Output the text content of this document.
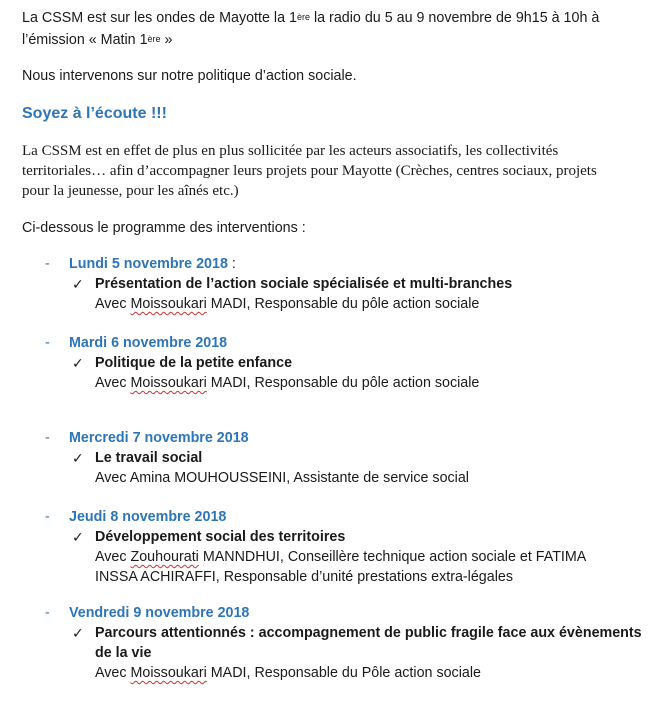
La CSSM est sur les ondes de Mayotte la 1ère la radio du 5 au 9 novembre de 9h15 à 10h à
l’émission « Matin 1ère »
Nous intervenons sur notre politique d’action sociale.
Soyez à l’écoute !!!
La CSSM est en effet de plus en plus sollicitée par les acteurs associatifs, les collectivités
territoriales… afin d’accompagner leurs projets pour Mayotte (Crèches, centres sociaux, projets
pour la jeunesse, pour les aînés etc.)
Ci-dessous le programme des interventions :
- Lundi 5 novembre 2018 :
✓ Présentation de l’action sociale spécialisée et multi-branches
Avec Moissoukari MADI, Responsable du pôle action sociale
- Mardi 6 novembre 2018
✓ Politique de la petite enfance
Avec Moissoukari MADI, Responsable du pôle action sociale
- Mercredi 7 novembre 2018
✓ Le travail social
Avec Amina MOUHOUSSEINI, Assistante de service social
- Jeudi 8 novembre 2018
✓ Développement social des territoires
Avec Zouhourati MANNDHUI, Conseillère technique action sociale et FATIMA
INSSA ACHIRAFFI, Responsable d’unité prestations extra-légales
- Vendredi 9 novembre 2018
✓ Parcours attentionnés : accompagnement de public fragile face aux évènements
de la vie
Avec Moissoukari MADI, Responsable du Pôle action sociale
